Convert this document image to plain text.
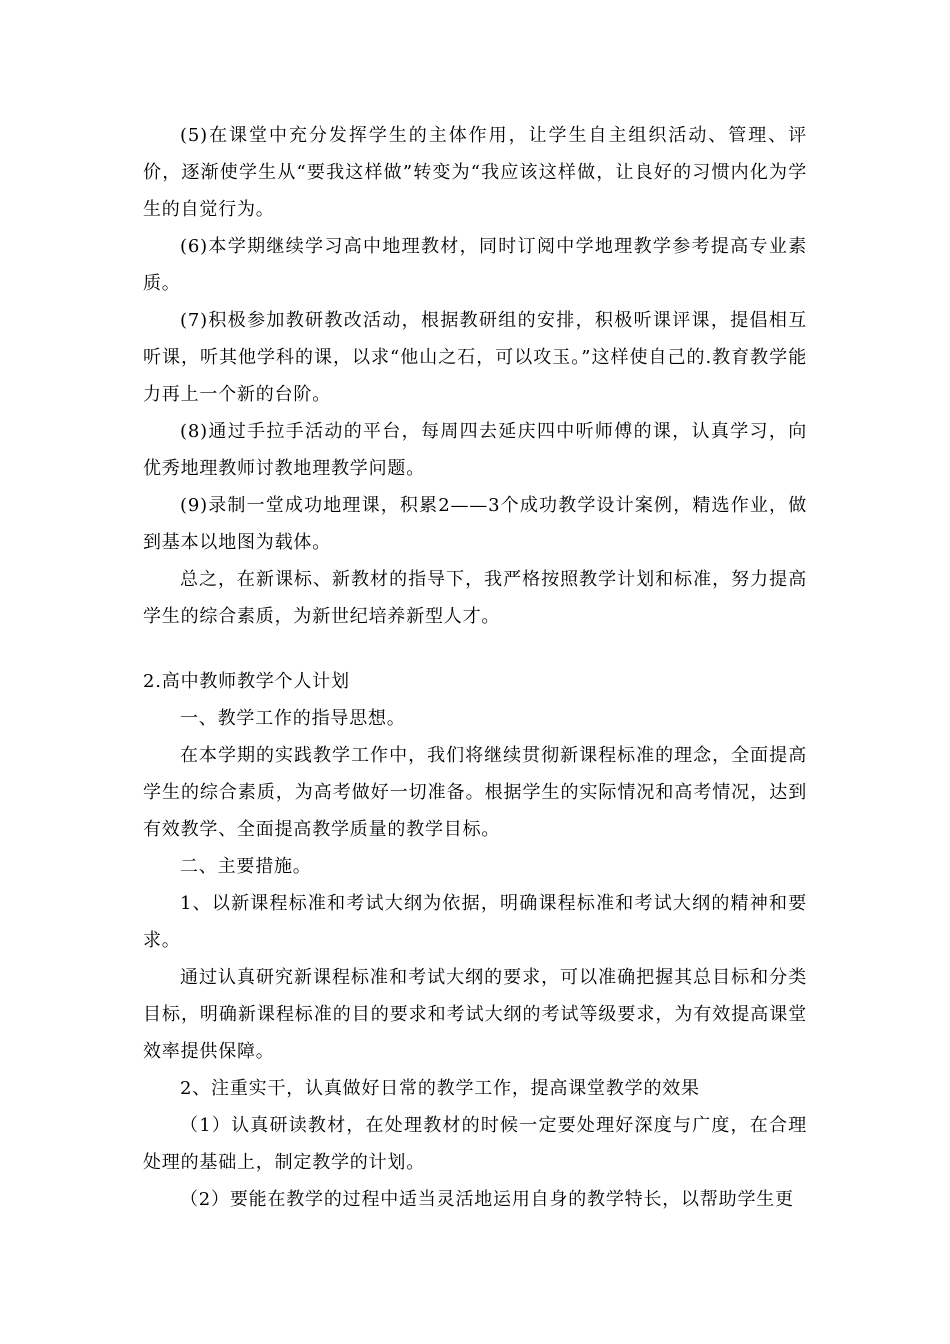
(5)在课堂中充分发挥学生的主体作用，让学生自主组织活动、管理、评价，逐渐使学生从“要我这样做”转变为“我应该这样做，让良好的习惯内化为学生的自觉行为。

(6)本学期继续学习高中地理教材，同时订阅中学地理教学参考提高专业素质。

(7)积极参加教研教改活动，根据教研组的安排，积极听课评课，提倡相互听课，听其他学科的课，以求“他山之石，可以攻玉。”这样使自己的.教育教学能力再上一个新的台阶。

(8)通过手拉手活动的平台，每周四去延庆四中听师傅的课，认真学习，向优秀地理教师讨教地理教学问题。

(9)录制一堂成功地理课，积累2——3个成功教学设计案例，精选作业，做到基本以地图为载体。

总之，在新课标、新教材的指导下，我严格按照教学计划和标准，努力提高学生的综合素质，为新世纪培养新型人才。

2.高中教师教学个人计划

一、教学工作的指导思想。

在本学期的实践教学工作中，我们将继续贯彻新课程标准的理念，全面提高学生的综合素质，为高考做好一切准备。根据学生的实际情况和高考情况，达到有效教学、全面提高教学质量的教学目标。

二、主要措施。

1、以新课程标准和考试大纲为依据，明确课程标准和考试大纲的精神和要求。

通过认真研究新课程标准和考试大纲的要求，可以准确把握其总目标和分类目标，明确新课程标准的目的要求和考试大纲的考试等级要求，为有效提高课堂效率提供保障。

2、注重实干，认真做好日常的教学工作，提高课堂教学的效果

（1）认真研读教材，在处理教材的时候一定要处理好深度与广度，在合理处理的基础上，制定教学的计划。

（2）要能在教学的过程中适当灵活地运用自身的教学特长，以帮助学生更
